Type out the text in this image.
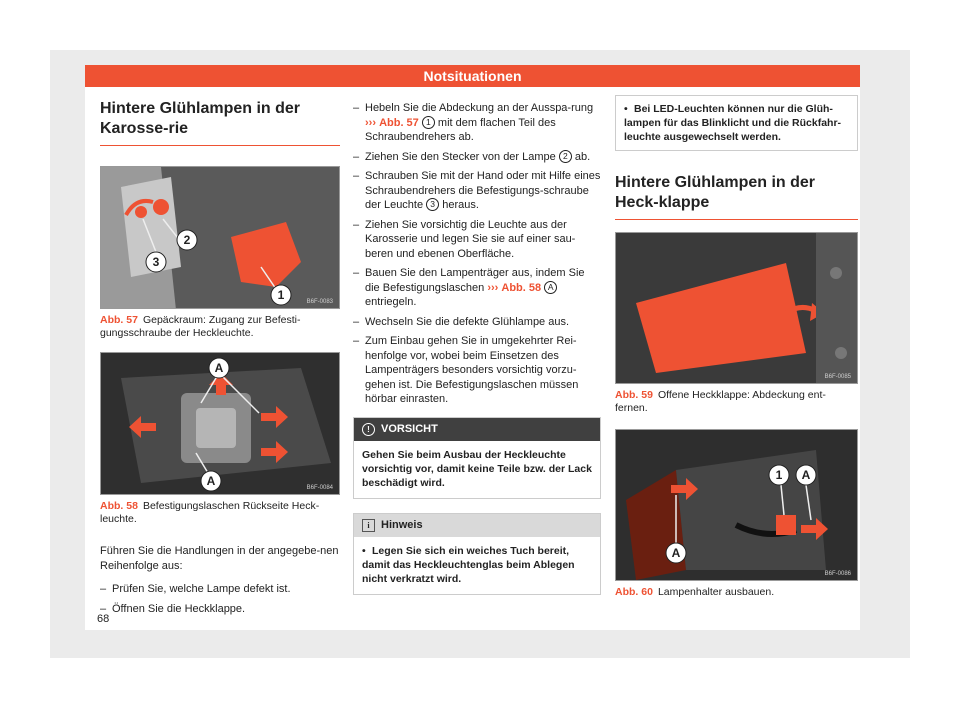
Notsituationen
Hintere Glühlampen in der Karosse-rie
1
2
3
B6F-0083
Abb. 57 Gepäckraum: Zugang zur Befesti-gungsschraube der Heckleuchte.
A
A	B6F-0084
Abb. 58 Befestigungslaschen Rückseite Heck-leuchte.

Führen Sie die Handlungen in der angegebe-nen Reihenfolge aus:

– Prüfen Sie, welche Lampe defekt ist.
– Öffnen Sie die Heckklappe.
– Hebeln Sie die Abdeckung an der Ausspa-rung ››› Abb. 57 1 mit dem flachen Teil des Schraubendrehers ab.
– Ziehen Sie den Stecker von der Lampe 2 ab.
– Schrauben Sie mit der Hand oder mit Hilfe eines Schraubendrehers die Befestigungs-schraube der Leuchte 3 heraus.
– Ziehen Sie vorsichtig die Leuchte aus der Karosserie und legen Sie sie auf einer sau-beren und ebenen Oberfläche.
– Bauen Sie den Lampenträger aus, indem Sie die Befestigungslaschen ››› Abb. 58 A entriegeln.
– Wechseln Sie die defekte Glühlampe aus.
– Zum Einbau gehen Sie in umgekehrter Rei-henfolge vor, wobei beim Einsetzen des Lampenträgers besonders vorsichtig vorzu-gehen ist. Die Befestigungslaschen müssen hörbar einrasten.
!	VORSICHT
Gehen Sie beim Ausbau der Heckleuchte vorsichtig vor, damit keine Teile bzw. der Lack beschädigt wird.
i	Hinweis
• Legen Sie sich ein weiches Tuch bereit, damit das Heckleuchtenglas beim Ablegen nicht verkratzt wird.
• Bei LED-Leuchten können nur die Glüh-lampen für das Blinklicht und die Rückfahr-leuchte ausgewechselt werden.
Hintere Glühlampen in der Heck-klappe
B6F-0085
Abb. 59 Offene Heckklappe: Abdeckung ent-fernen.
1 A
A
B6F-0086
Abb. 60 Lampenhalter ausbauen.
68
